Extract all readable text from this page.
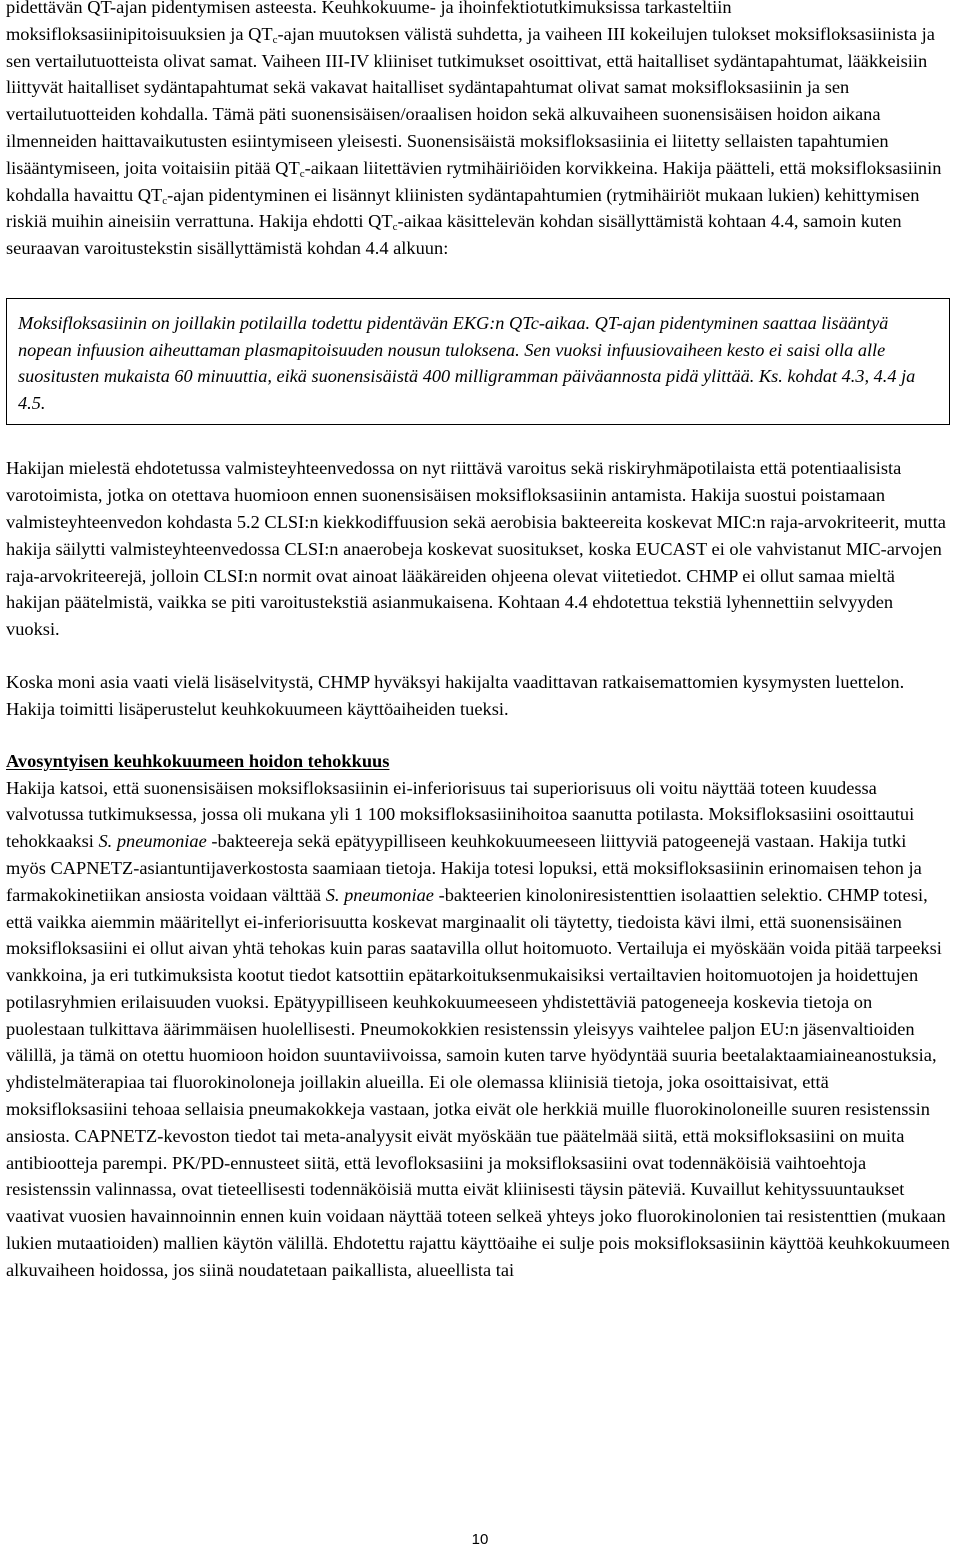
pidettävän QT-ajan pidentymisen asteesta. Keuhkokuume- ja ihoinfektiotutkimuksissa tarkasteltiin moksifloksasiinipitoisuuksien ja $QT_c$-ajan muutoksen välistä suhdetta, ja vaiheen III kokeilujen tulokset moksifloksasiinista ja sen vertailutuotteista olivat samat. Vaiheen III-IV kliiniset tutkimukset osoittivat, että haitalliset sydäntapahtumat, lääkkeisiin liittyvät haitalliset sydäntapahtumat sekä vakavat haitalliset sydäntapahtumat olivat samat moksifloksasiinin ja sen vertailutuotteiden kohdalla. Tämä päti suonensisäisen/oraalisen hoidon sekä alkuvaiheen suonensisäisen hoidon aikana ilmenneiden haittavaikutusten esiintymiseen yleisesti. Suonensisäistä moksifloksasiinia ei liitetty sellaisten tapahtumien lisääntymiseen, joita voitaisiin pitää $QT_c$-aikaan liitettävien rytmihäiriöiden korvikkeina. Hakija päätteli, että moksifloksasiinin kohdalla havaittu $QT_c$-ajan pidentyminen ei lisännyt kliinisten sydäntapahtumien (rytmihäiriöt mukaan lukien) kehittymisen riskiä muihin aineisiin verrattuna. Hakija ehdotti $QT_c$-aikaa käsittelevän kohdan sisällyttämistä kohtaan 4.4, samoin kuten seuraavan varoitustekstin sisällyttämistä kohdan 4.4 alkuun:

Moksifloksasiinin on joillakin potilailla todettu pidentävän EKG:n QTc-aikaa. QT-ajan pidentyminen saattaa lisääntyä nopean infuusion aiheuttaman plasmapitoisuuden nousun tuloksena. Sen vuoksi infuusiovaiheen kesto ei saisi olla alle suositusten mukaista 60 minuuttia, eikä suonensisäistä 400 milligramman päiväannosta pidä ylittää. Ks. kohdat 4.3, 4.4 ja 4.5.

Hakijan mielestä ehdotetussa valmisteyhteenvedossa on nyt riittävä varoitus sekä riskiryhmäpotilaista että potentiaalisista varotoimista, jotka on otettava huomioon ennen suonensisäisen moksifloksasiinin antamista. Hakija suostui poistamaan valmisteyhteenvedon kohdasta 5.2 CLSI:n kiekkodiffuusion sekä aerobisia bakteereita koskevat MIC:n raja-arvokriteerit, mutta hakija säilytti valmisteyhteenvedossa CLSI:n anaerobeja koskevat suositukset, koska EUCAST ei ole vahvistanut MIC-arvojen raja-arvokriteerejä, jolloin CLSI:n normit ovat ainoat lääkäreiden ohjeena olevat viitetiedot. CHMP ei ollut samaa mieltä hakijan päätelmistä, vaikka se piti varoitustekstiä asianmukaisena. Kohtaan 4.4 ehdotettua tekstiä lyhennettiin selvyyden vuoksi.

Koska moni asia vaati vielä lisäselvitystä, CHMP hyväksyi hakijalta vaadittavan ratkaisemattomien kysymysten luettelon. Hakija toimitti lisäperustelut keuhkokuumeen käyttöaiheiden tueksi.

Avosyntyisen keuhkokuumeen hoidon tehokkuus

Hakija katsoi, että suonensisäisen moksifloksasiinin ei-inferiorisuus tai superiorisuus oli voitu näyttää toteen kuudessa valvotussa tutkimuksessa, jossa oli mukana yli 1 100 moksifloksasiinihoitoa saanutta potilasta. Moksifloksasiini osoittautui tehokkaaksi S. pneumoniae -bakteereja sekä epätyypilliseen keuhkokuumeeseen liittyviä patogeenejä vastaan. Hakija tutki myös CAPNETZ-asiantuntijaverkostosta saamiaan tietoja. Hakija totesi lopuksi, että moksifloksasiinin erinomaisen tehon ja farmakokinetiikan ansiosta voidaan välttää S. pneumoniae -bakteerien kinoloniresistenttien isolaattien selektio. CHMP totesi, että vaikka aiemmin määritellyt ei-inferiorisuutta koskevat marginaalit oli täytetty, tiedoista kävi ilmi, että suonensisäinen moksifloksasiini ei ollut aivan yhtä tehokas kuin paras saatavilla ollut hoitomuoto. Vertailuja ei myöskään voida pitää tarpeeksi vankkoina, ja eri tutkimuksista kootut tiedot katsottiin epätarkoituksenmukaisiksi vertailtavien hoitomuotojen ja hoidettujen potilasryhmien erilaisuuden vuoksi. Epätyypilliseen keuhkokuumeeseen yhdistettäviä patogeneeja koskevia tietoja on puolestaan tulkittava äärimmäisen huolellisesti. Pneumokokkien resistenssin yleisyys vaihtelee paljon EU:n jäsenvaltioiden välillä, ja tämä on otettu huomioon hoidon suuntaviivoissa, samoin kuten tarve hyödyntää suuria beetalaktaamiaineanostuksia, yhdistelmäterapiaa tai fluorokinoloneja joillakin alueilla. Ei ole olemassa kliinisiä tietoja, joka osoittaisivat, että moksifloksasiini tehoaa sellaisia pneumakokkeja vastaan, jotka eivät ole herkkiä muille fluorokinoloneille suuren resistenssin ansiosta. CAPNETZ-kevoston tiedot tai meta-analyysit eivät myöskään tue päätelmää siitä, että moksifloksasiini on muita antibiootteja parempi. PK/PD-ennusteet siitä, että levofloksasiini ja moksifloksasiini ovat todennäköisiä vaihtoehtoja resistenssin valinnassa, ovat tieteellisesti todennäköisiä mutta eivät kliinisesti täysin päteviä. Kuvaillut kehityssuuntaukset vaativat vuosien havainnoinnin ennen kuin voidaan näyttää toteen selkeä yhteys joko fluorokinolonien tai resistenttien (mukaan lukien mutaatioiden) mallien käytön välillä. Ehdotettu rajattu käyttöaihe ei sulje pois moksifloksasiinin käyttöä keuhkokuumeen alkuvaiheen hoidossa, jos siinä noudatetaan paikallista, alueellista tai

10
